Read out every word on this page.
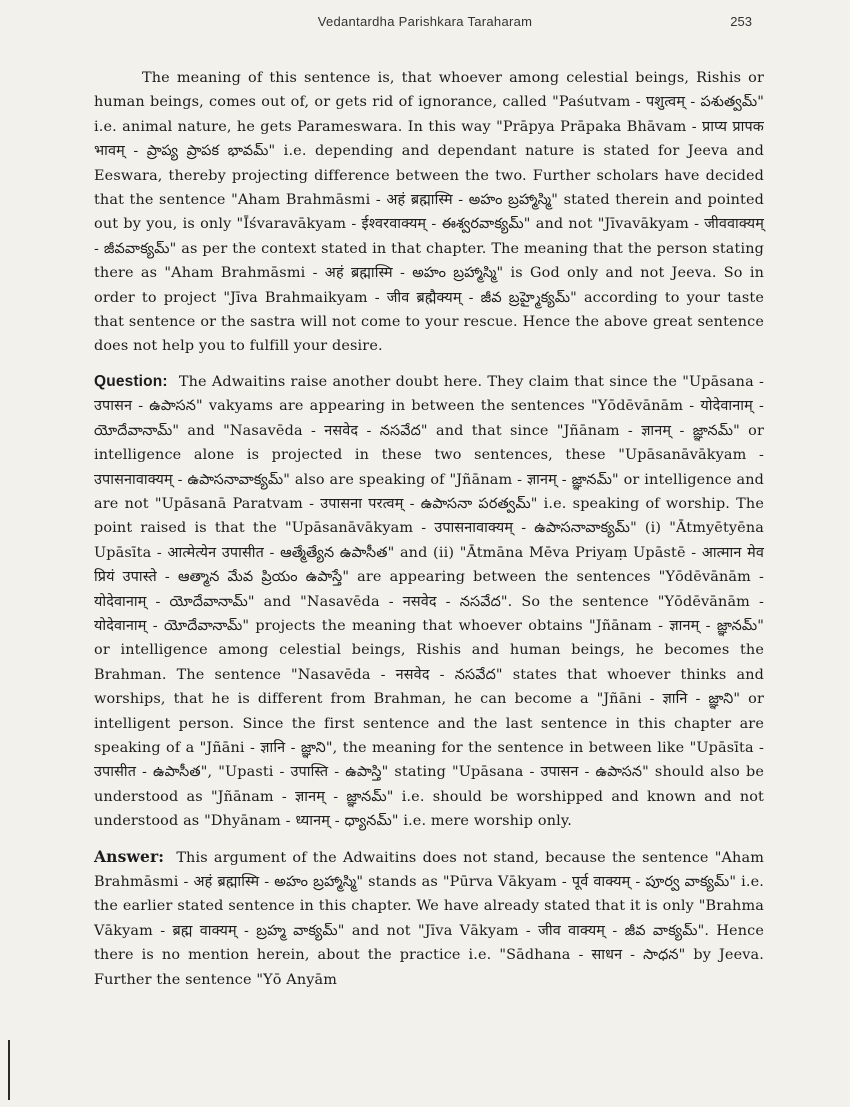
Vedantardha Parishkara Taraharam	253

The meaning of this sentence is, that whoever among celestial beings, Rishis or human beings, comes out of, or gets rid of ignorance, called "Paśutvam - पशुत्वम् - పశుత్వమ్" i.e. animal nature, he gets Parameswara. In this way "Prāpya Prāpaka Bhāvam - प्राप्य प्रापक भावम् - ప్రాప్య ప్రాపక భావమ్" i.e. depending and dependant nature is stated for Jeeva and Eeswara, thereby projecting difference between the two. Further scholars have decided that the sentence "Aham Brahmāsmi - अहं ब्रह्मास्मि - అహం బ్రహ్మాస్మి" stated therein and pointed out by you, is only "Īśvaravākyam - ईश्वरवाक्यम् - ఈశ్వరవాక్యమ్" and not "Jīvavākyam - जीववाक्यम् - జీవవాక్యమ్" as per the context stated in that chapter. The meaning that the person stating there as "Aham Brahmāsmi - अहं ब्रह्मास्मि - అహం బ్రహ్మాస్మి" is God only and not Jeeva. So in order to project "Jīva Brahmaikyam - जीव ब्रह्मैक्यम् - జీవ బ్రహ్మైక్యమ్" according to your taste that sentence or the sastra will not come to your rescue. Hence the above great sentence does not help you to fulfill your desire.

Question: The Adwaitins raise another doubt here. They claim that since the "Upāsana - उपासन - ఉపాసన" vakyams are appearing in between the sentences "Yōdēvānām - योदेवानाम् - యోదేవానామ్" and "Nasavēda - नसवेद - నసవేద" and that since "Jñānam - ज्ञानम् - జ్ఞానమ్" or intelligence alone is projected in these two sentences, these "Upāsanāvākyam - उपासनावाक्यम् - ఉపాసనావాక్యమ్" also are speaking of "Jñānam - ज्ञानम् - జ్ఞానమ్" or intelligence and are not "Upāsanā Paratvam - उपासना परत्वम् - ఉపాసనా పరత్వమ్" i.e. speaking of worship. The point raised is that the "Upāsanāvākyam - उपासनावाक्यम् - ఉపాసనావాక్యమ్" (i) "Ātmyētyēna Upāsīta - आत्मेत्येन उपासीत - ఆత్మేత్యేన ఉపాసీత" and (ii) "Ātmāna Mēva Priyaṃ Upāstē - आत्मान मेव प्रियं उपास्ते - ఆత్మాన మేవ ప్రియం ఉపాస్తే" are appearing between the sentences "Yōdēvānām - योदेवानाम् - యోదేవానామ్" and "Nasavēda - नसवेद - నసవేద". So the sentence "Yōdēvānām - योदेवानाम् - యోదేవానామ్" projects the meaning that whoever obtains "Jñānam - ज्ञानम् - జ్ఞానమ్" or intelligence among celestial beings, Rishis and human beings, he becomes the Brahman. The sentence "Nasavēda - नसवेद - నసవేద" states that whoever thinks and worships, that he is different from Brahman, he can become a "Jñāni - ज्ञानि - జ్ఞాని" or intelligent person. Since the first sentence and the last sentence in this chapter are speaking of a "Jñāni - ज्ञानि - జ్ఞాని", the meaning for the sentence in between like "Upāsīta - उपासीत - ఉపాసీత", "Upasti - उपास्ति - ఉపాస్తి" stating "Upāsana - उपासन - ఉపాసన" should also be understood as "Jñānam - ज्ञानम् - జ్ఞానమ్" i.e. should be worshipped and known and not understood as "Dhyānam - ध्यानम् - ధ్యానమ్" i.e. mere worship only.

Answer: This argument of the Adwaitins does not stand, because the sentence "Aham Brahmāsmi - अहं ब्रह्मास्मि - అహం బ్రహ్మాస్మి" stands as "Pūrva Vākyam - पूर्व वाक्यम् - పూర్వ వాక్యమ్" i.e. the earlier stated sentence in this chapter. We have already stated that it is only "Brahma Vākyam - ब्रह्म वाक्यम् - బ్రహ్మ వాక్యమ్" and not "Jīva Vākyam - जीव वाक्यम् - జీవ వాక్యమ్". Hence there is no mention herein, about the practice i.e. "Sādhana - साधन - సాధన" by Jeeva. Further the sentence "Yō Anyām
